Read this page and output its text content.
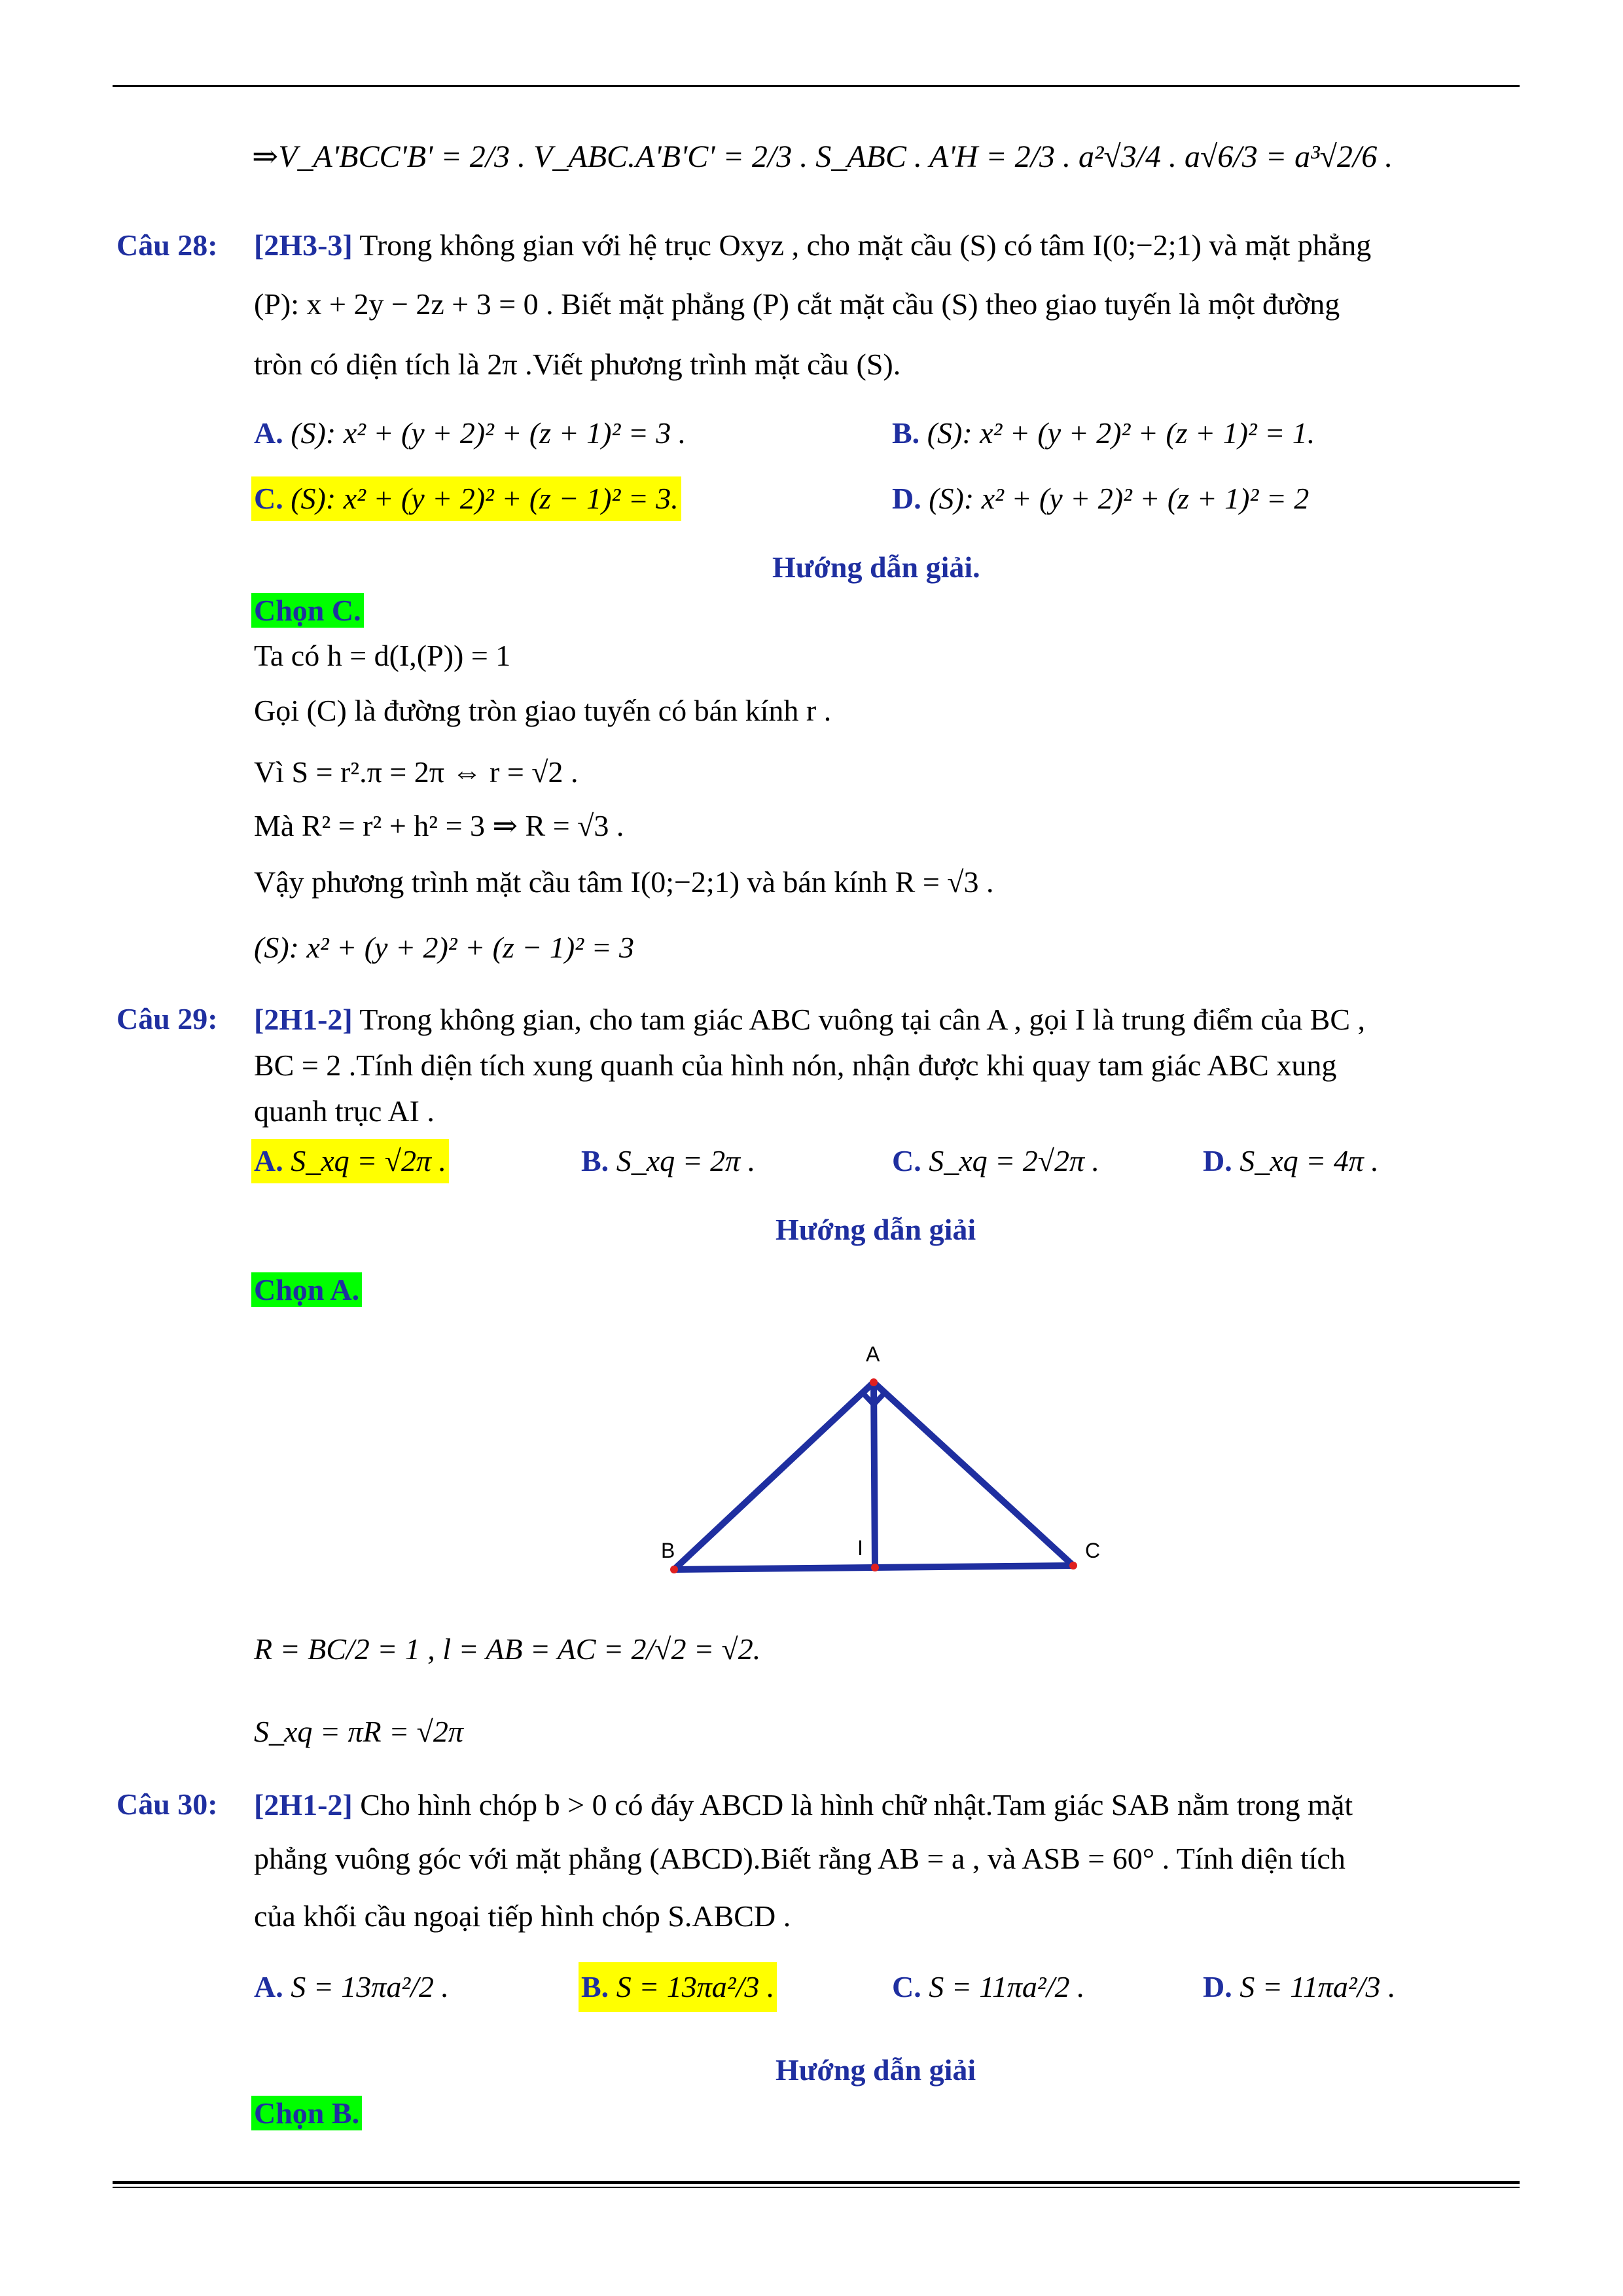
⇒V_A'BCC'B' = 2/3 . V_ABC.A'B'C' = 2/3 . S_ABC . A'H = 2/3 . a²√3/4 . a√6/3 = a³√2/6 .
Câu 28: [2H3-3] Trong không gian với hệ trục Oxyz , cho mặt cầu (S) có tâm I(0;−2;1) và mặt phẳng
(P): x + 2y − 2z + 3 = 0 . Biết mặt phẳng (P) cắt mặt cầu (S) theo giao tuyến là một đường
tròn có diện tích là 2π .Viết phương trình mặt cầu (S).
A. (S): x² + (y + 2)² + (z + 1)² = 3 .	B. (S): x² + (y + 2)² + (z + 1)² = 1.
C. (S): x² + (y + 2)² + (z − 1)² = 3.	D. (S): x² + (y + 2)² + (z + 1)² = 2
Hướng dẫn giải.
Chọn C.
Ta có h = d(I,(P)) = 1
Gọi (C) là đường tròn giao tuyến có bán kính r .
Vì S = r².π = 2π ⇔ r = √2 .
Mà R² = r² + h² = 3 ⇒ R = √3 .
Vậy phương trình mặt cầu tâm I(0;−2;1) và bán kính R = √3 .
(S): x² + (y + 2)² + (z − 1)² = 3
Câu 29: [2H1-2] Trong không gian, cho tam giác ABC vuông tại cân A , gọi I là trung điểm của BC ,
BC = 2 .Tính diện tích xung quanh của hình nón, nhận được khi quay tam giác ABC xung
quanh trục AI .
A. S_xq = √2π .	B. S_xq = 2π .	C. S_xq = 2√2π .	D. S_xq = 4π .
Hướng dẫn giải
Chọn A.
A
B	C
I
R = BC/2 = 1 , l = AB = AC = 2/√2 = √2.
S_xq = πR = √2π
Câu 30: [2H1-2] Cho hình chóp b > 0 có đáy ABCD là hình chữ nhật.Tam giác SAB nằm trong mặt
phẳng vuông góc với mặt phẳng (ABCD).Biết rằng AB = a , và ASB = 60° . Tính diện tích
của khối cầu ngoại tiếp hình chóp S.ABCD .
A. S = 13πa²/2 .	B. S = 13πa²/3 .	C. S = 11πa²/2 .	D. S = 11πa²/3 .
Hướng dẫn giải
Chọn B.
